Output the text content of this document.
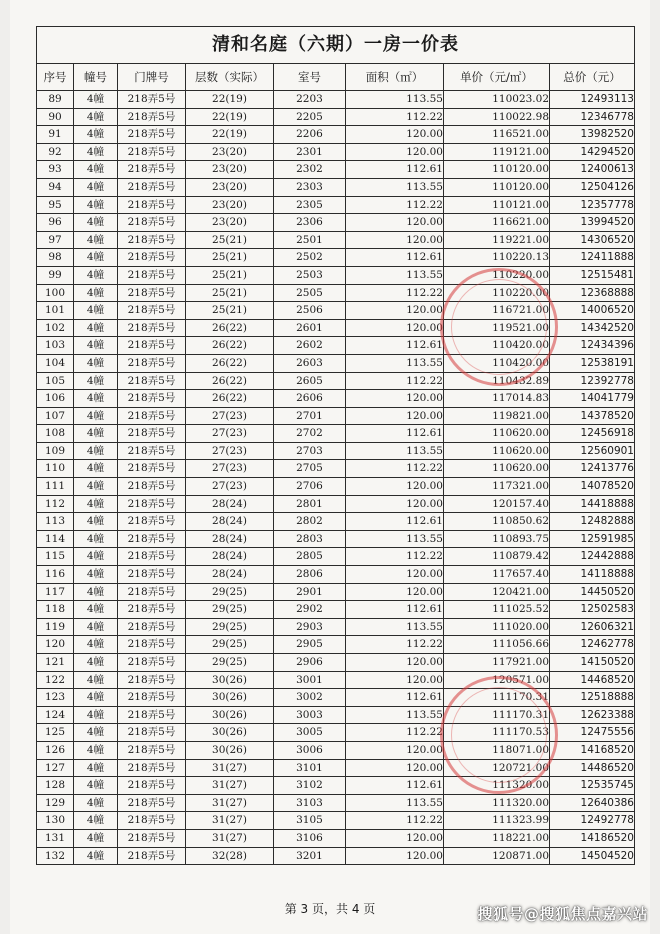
清和名庭（六期）一房一价表							
序号	幢号	门牌号	层数（实际）	室号	面积（㎡）	单价（元/㎡）	总价（元）
89	4幢	218弄5号	22(19)	2203	113.55	110023.02	12493113
90	4幢	218弄5号	22(19)	2205	112.22	110022.98	12346778
91	4幢	218弄5号	22(19)	2206	120.00	116521.00	13982520
92	4幢	218弄5号	23(20)	2301	120.00	119121.00	14294520
93	4幢	218弄5号	23(20)	2302	112.61	110120.00	12400613
94	4幢	218弄5号	23(20)	2303	113.55	110120.00	12504126
95	4幢	218弄5号	23(20)	2305	112.22	110121.00	12357778
96	4幢	218弄5号	23(20)	2306	120.00	116621.00	13994520
97	4幢	218弄5号	25(21)	2501	120.00	119221.00	14306520
98	4幢	218弄5号	25(21)	2502	112.61	110220.13	12411888
99	4幢	218弄5号	25(21)	2503	113.55	110220.00	12515481
100	4幢	218弄5号	25(21)	2505	112.22	110220.00	12368888
101	4幢	218弄5号	25(21)	2506	120.00	116721.00	14006520
102	4幢	218弄5号	26(22)	2601	120.00	119521.00	14342520
103	4幢	218弄5号	26(22)	2602	112.61	110420.00	12434396
104	4幢	218弄5号	26(22)	2603	113.55	110420.00	12538191
105	4幢	218弄5号	26(22)	2605	112.22	110432.89	12392778
106	4幢	218弄5号	26(22)	2606	120.00	117014.83	14041779
107	4幢	218弄5号	27(23)	2701	120.00	119821.00	14378520
108	4幢	218弄5号	27(23)	2702	112.61	110620.00	12456918
109	4幢	218弄5号	27(23)	2703	113.55	110620.00	12560901
110	4幢	218弄5号	27(23)	2705	112.22	110620.00	12413776
111	4幢	218弄5号	27(23)	2706	120.00	117321.00	14078520
112	4幢	218弄5号	28(24)	2801	120.00	120157.40	14418888
113	4幢	218弄5号	28(24)	2802	112.61	110850.62	12482888
114	4幢	218弄5号	28(24)	2803	113.55	110893.75	12591985
115	4幢	218弄5号	28(24)	2805	112.22	110879.42	12442888
116	4幢	218弄5号	28(24)	2806	120.00	117657.40	14118888
117	4幢	218弄5号	29(25)	2901	120.00	120421.00	14450520
118	4幢	218弄5号	29(25)	2902	112.61	111025.52	12502583
119	4幢	218弄5号	29(25)	2903	113.55	111020.00	12606321
120	4幢	218弄5号	29(25)	2905	112.22	111056.66	12462778
121	4幢	218弄5号	29(25)	2906	120.00	117921.00	14150520
122	4幢	218弄5号	30(26)	3001	120.00	120571.00	14468520
123	4幢	218弄5号	30(26)	3002	112.61	111170.31	12518888
124	4幢	218弄5号	30(26)	3003	113.55	111170.31	12623388
125	4幢	218弄5号	30(26)	3005	112.22	111170.53	12475556
126	4幢	218弄5号	30(26)	3006	120.00	118071.00	14168520
127	4幢	218弄5号	31(27)	3101	120.00	120721.00	14486520
128	4幢	218弄5号	31(27)	3102	112.61	111320.00	12535745
129	4幢	218弄5号	31(27)	3103	113.55	111320.00	12640386
130	4幢	218弄5号	31(27)	3105	112.22	111323.99	12492778
131	4幢	218弄5号	31(27)	3106	120.00	118221.00	14186520
132	4幢	218弄5号	32(28)	3201	120.00	120871.00	14504520
第 3 页，共 4 页	搜狐号@搜狐焦点嘉兴站
